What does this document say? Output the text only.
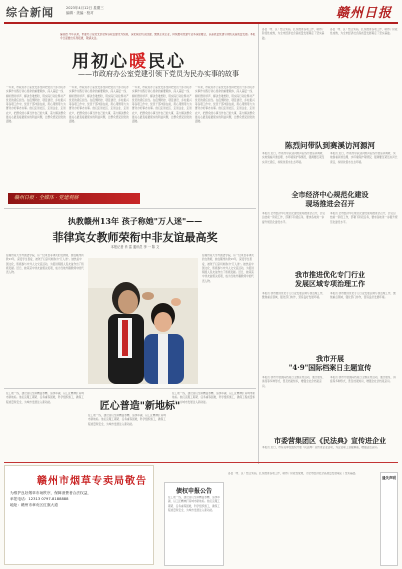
综合新闻	2023年4月12日 星期三
编辑 · 美编 · 校对	赣州日报
编者按 今年以来，市委办公室党支部坚持以政治建设为统领，深化模范机关创建，聚焦主责主业，持续推动党建与业务深度融合，以高质量党建引领机关高质量发展。本报今日起推出系列报道，敬请关注。
用初心暖民心
——市政府办公室党建引领下党员为民办实事的故事
一年来，市政府办公室党支部坚持把党员干部为民办实事作为践行初心使命的重要载体，深入基层一线、倾听群众呼声、解决急难愁盼，用实际行动诠释共产党员的责任担当。在疫情防控、项目建设、乡村振兴等各项工作中，党员干部冲锋在前，用心用情用力为群众办好事办实事。他们走进社区、走进企业、走进农户，把群众的小事当作自己的大事，着力解决群众最关心最直接最现实的利益问题，让群众感受到党的温暖。
一年来，市政府办公室党支部坚持把党员干部为民办实事作为践行初心使命的重要载体，深入基层一线、倾听群众呼声、解决急难愁盼，用实际行动诠释共产党员的责任担当。在疫情防控、项目建设、乡村振兴等各项工作中，党员干部冲锋在前，用心用情用力为群众办好事办实事。他们走进社区、走进企业、走进农户，把群众的小事当作自己的大事，着力解决群众最关心最直接最现实的利益问题，让群众感受到党的温暖。
一年来，市政府办公室党支部坚持把党员干部为民办实事作为践行初心使命的重要载体，深入基层一线、倾听群众呼声、解决急难愁盼，用实际行动诠释共产党员的责任担当。在疫情防控、项目建设、乡村振兴等各项工作中，党员干部冲锋在前，用心用情用力为群众办好事办实事。他们走进社区、走进企业、走进农户，把群众的小事当作自己的大事，着力解决群众最关心最直接最现实的利益问题，让群众感受到党的温暖。
一年来，市政府办公室党支部坚持把党员干部为民办实事作为践行初心使命的重要载体，深入基层一线、倾听群众呼声、解决急难愁盼，用实际行动诠释共产党员的责任担当。在疫情防控、项目建设、乡村振兴等各项工作中，党员干部冲锋在前，用心用情用力为群众办好事办实事。他们走进社区、走进企业、走进农户，把群众的小事当作自己的大事，着力解决群众最关心最直接最现实的利益问题，让群众感受到党的温暖。
赣州日报 · 全媒体 · 党建观察
执教赣州13年 孩子称她"万人迷"——
菲律宾女教师荣衔中非友谊最高奖
本报记者 肖 雷 通讯员 李 一 陈 文
在赣州某大学外国语学院，有一位来自菲律宾的女教师，她在赣州执教13年，深受学生喜爱，被孩子们亲切地称为"万人迷"。她热爱中国文化，积极参与中外人文交流活动，为促进两国人民友谊作出了积极贡献。近日，她荣获中非友谊相关奖项，成为当地外籍教师中的代表人物。
在赣州某大学外国语学院，有一位来自菲律宾的女教师，她在赣州执教13年，深受学生喜爱，被孩子们亲切地称为"万人迷"。她热爱中国文化，积极参与中外人文交流活动，为促进两国人民友谊作出了积极贡献。近日，她荣获中非友谊相关奖项，成为当地外籍教师中的代表人物。
在工地一线，建设者们坚持精益求精、追求卓越，以工匠精神打造城市新地标。他们克服工期紧、任务重等困难，科学组织施工，确保工程质量和安全，为城市发展注入新动能。	匠心普造"新地标"
在工地一线，建设者们坚持精益求精、追求卓越，以工匠精神打造城市新地标。他们克服工期紧、任务重等困难，科学组织施工，确保工程质量和安全，为城市发展注入新动能。
在工地一线，建设者们坚持精益求精、追求卓越，以工匠精神打造城市新地标。他们克服工期紧、任务重等困难，科学组织施工，确保工程质量和安全，为城市发展注入新动能。
各县（市、区）结合实际，扎实推进各项工作，取得了阶段性成效，为全市经济社会高质量发展奠定了坚实基础。
各县（市、区）结合实际，扎实推进各项工作，取得了阶段性成效，为全市经济社会高质量发展奠定了坚实基础。
陈烈问带队到赛溪访河源河
本报讯 近日，市领导带队到河源河沿线开展巡河调研，实地察看河道治理、水环境保护等情况，强调要压紧压实河长责任，持续改善水生态环境。
本报讯 近日，市领导带队到河源河沿线开展巡河调研，实地察看河道治理、水环境保护等情况，强调要压紧压实河长责任，持续改善水生态环境。
全市经济中心规范化建设
现场推进会召开
本报讯 全市经济中心规范化建设现场推进会召开，会议总结前一阶段工作，部署下阶段任务，要求各地进一步提升规范化建设水平。
本报讯 全市经济中心规范化建设现场推进会召开，会议总结前一阶段工作，部署下阶段任务，要求各地进一步提升规范化建设水平。
我市推进优化专门行业
发展区域专项治理工作
本报讯 我市推进优化专门行业发展区域专项治理工作，聚焦重点领域，强化部门协作，营造良好发展环境。
本报讯 我市推进优化专门行业发展区域专项治理工作，聚焦重点领域，强化部门协作，营造良好发展环境。
我市开展
"4·9"国际档案日主题宣传
本报讯 我市开展国际档案日主题宣传活动，通过展览、讲座等多种形式，普及档案知识，增强全社会档案意识。
本报讯 我市开展国际档案日主题宣传活动，通过展览、讲座等多种形式，普及档案知识，增强全社会档案意识。
市委营集团区《民法典》宣传进企业
本报讯 近日，市有关单位组织开展《民法典》宣传进企业活动，为企业职工答疑解惑，增强法治意识。
赣州市烟草专卖局敬告
为维护良好烟草市场秩序，保障消费者合法权益，
举报电话：12313 0797-8188888
地址：赣州市章贡区红旗大道
债权申报公告
在工地一线，建设者们坚持精益求精、追求卓越，以工匠精神打造城市新地标。他们克服工期紧、任务重等困难，科学组织施工，确保工程质量和安全，为城市发展注入新动能。
各县（市、区）结合实际，扎实推进各项工作，取得了阶段性成效，为全市经济社会高质量发展奠定了坚实基础。
遗失声明
